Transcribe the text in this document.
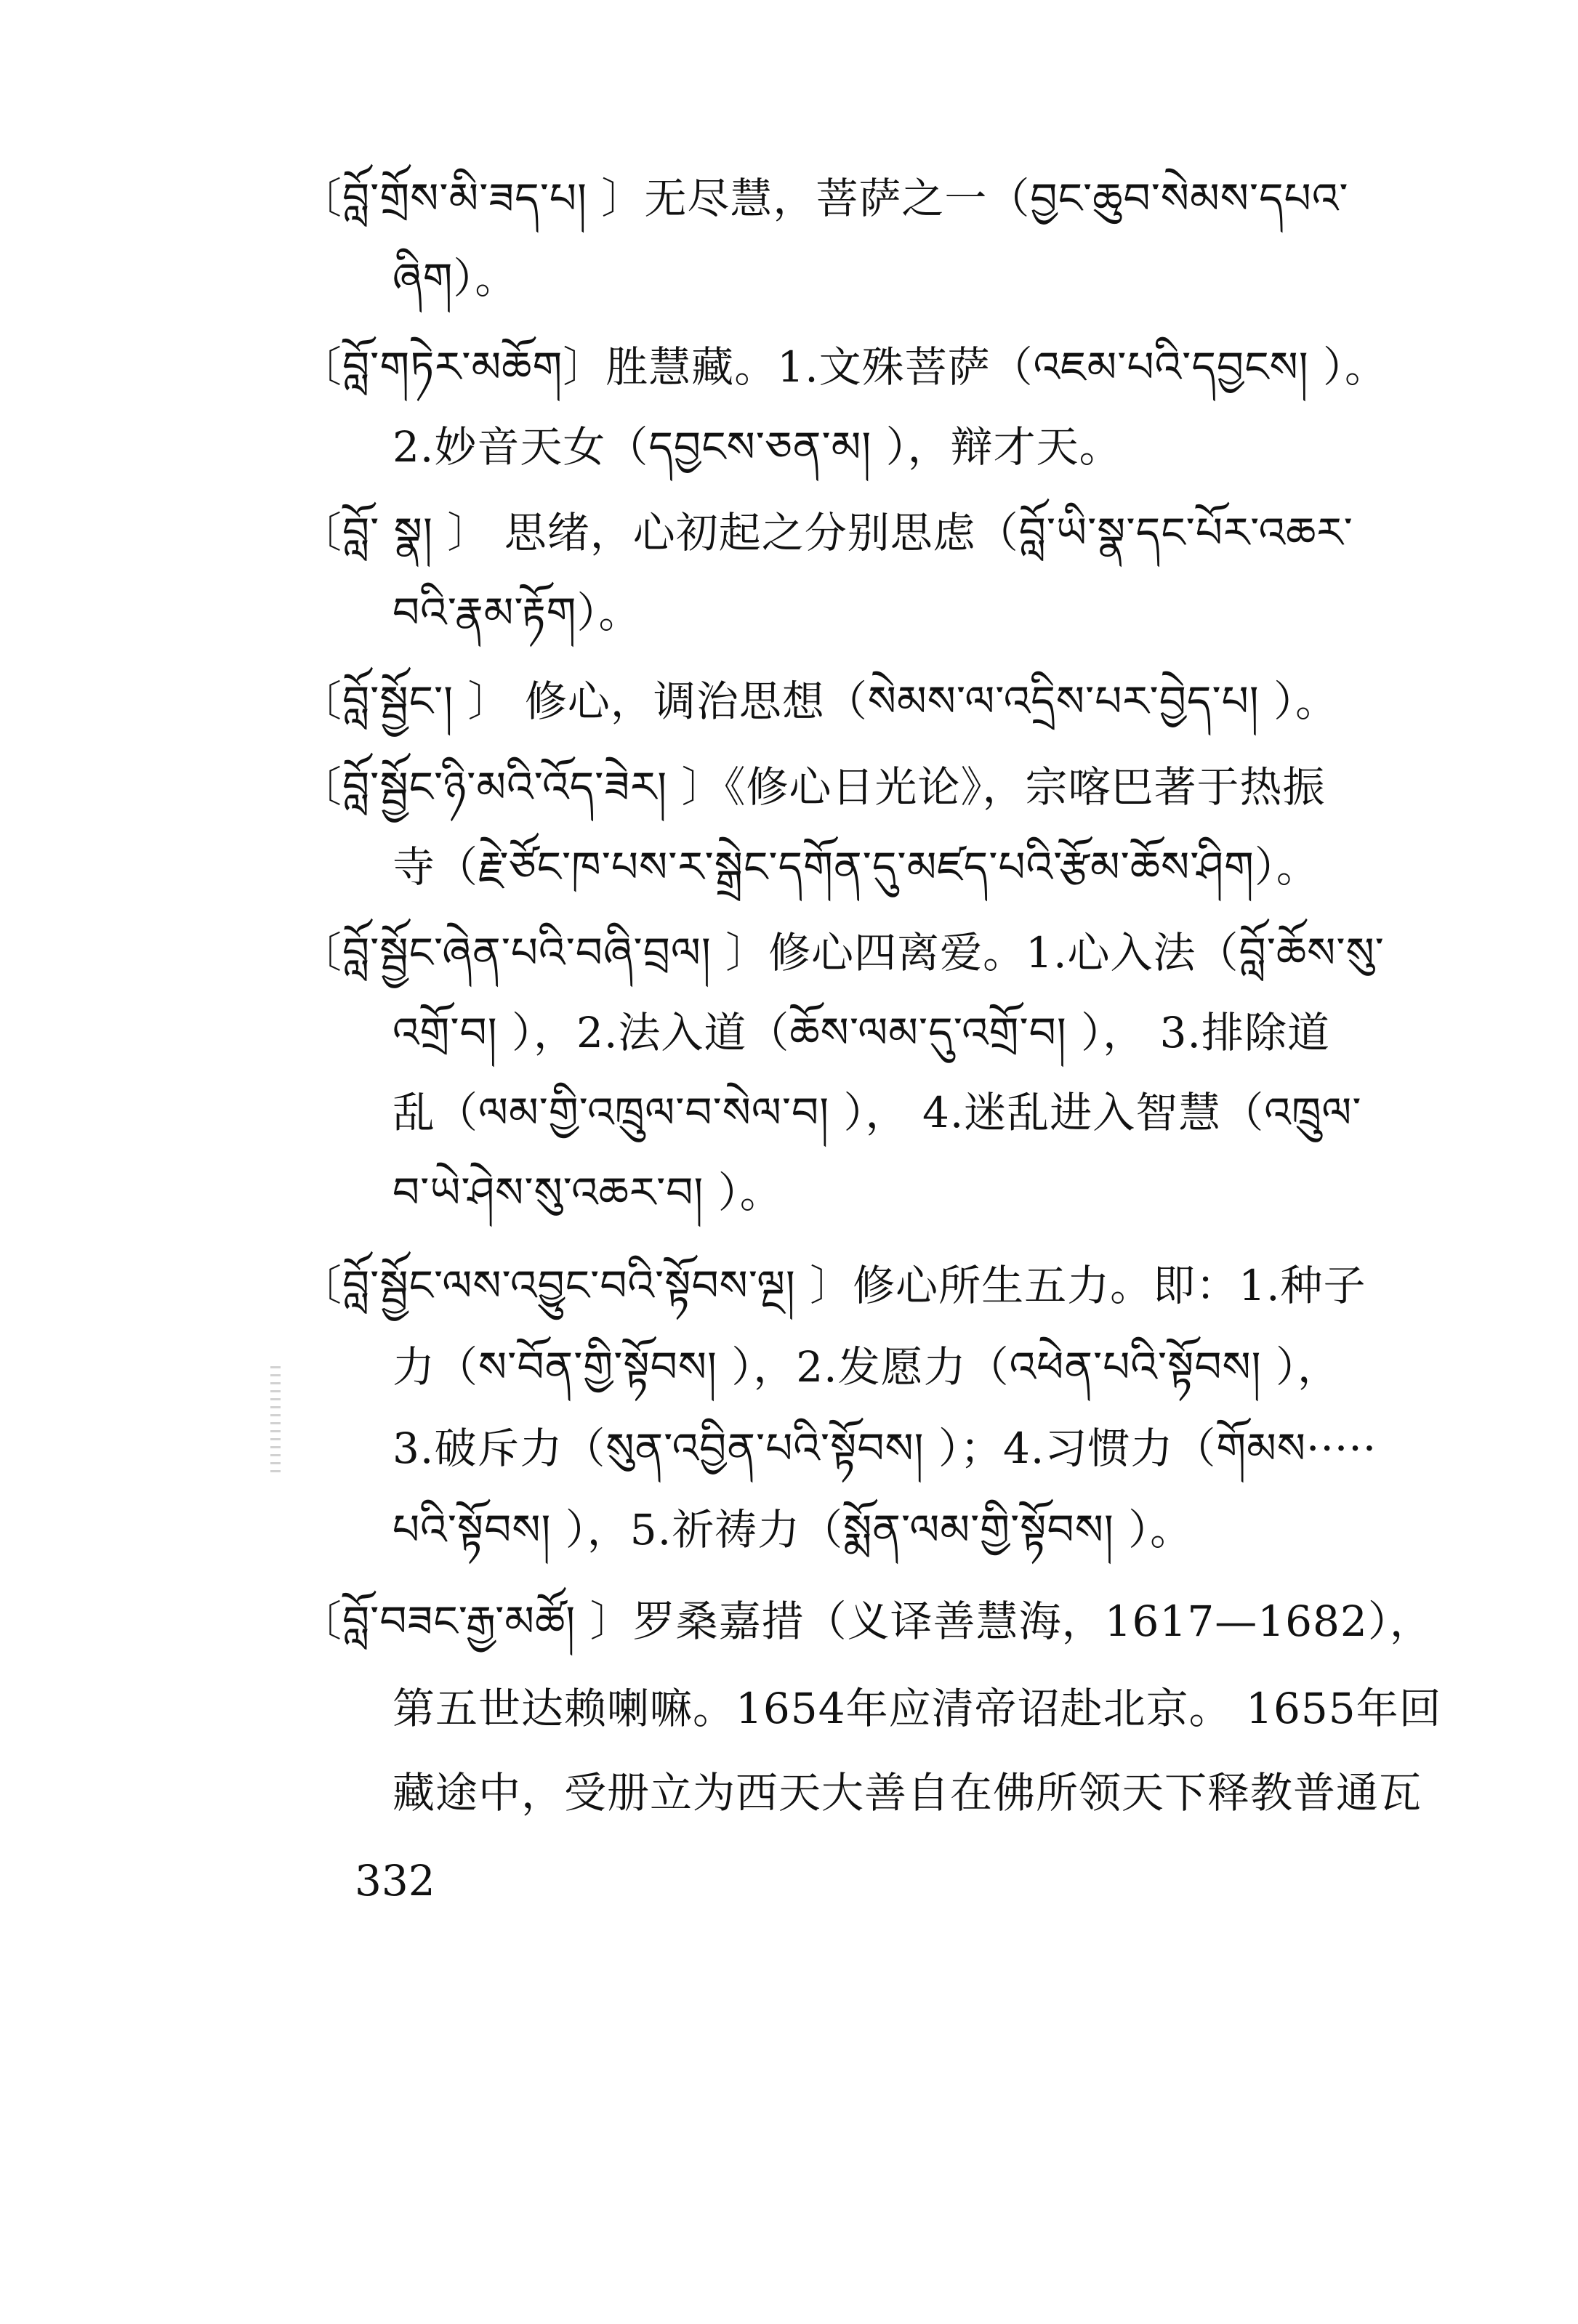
〔བློ་གྲོས་མི་ཟད་པ། 〕无尽慧，菩萨之一（བྱང་ཆུབ་སེམས་དཔའ་
ཞིག）。
〔བློ་གཏེར་མཆོག〕胜慧藏。1.文殊菩萨（འཇམ་པའི་དབྱངས། ）。
2.妙音天女（དབྱངས་ཅན་མ། ），辩才天。
〔བློ་ སྣ། 〕 思绪，心初起之分别思虑（བློ་ཡི་སྣ་དང་པོར་འཆར་
བའི་རྣམ་རྟོག）。
〔བློ་སྦྱོང་། 〕 修心，调治思想（སེམས་ལ་འདྲིས་པར་བྱེད་པ། ）。
〔བློ་སྦྱོང་ཉི་མའི་འོད་ཟེར། 〕《修心日光论》，宗喀巴著于热振
寺（རྗེ་ཙོང་ཁ་པས་ར་སྒྲེང་དགོན་དུ་མཛད་པའི་རྩོམ་ཆོས་ཤིག）。
〔བློ་སྦྱོང་ཞེན་པའི་བཞི་བྲལ། 〕修心四离爱。1.心入法（བློ་ཆོས་སུ་
འགྲོ་བ། ），2.法入道（ཆོས་ལམ་དུ་འགྲོ་བ། ）， 3.排除道
乱（ལམ་གྱི་འཁྲུལ་བ་སེལ་བ། ）， 4.迷乱进入智慧（འཁྲུལ་
བ་ཡེ་ཤེས་སུ་འཆར་བ། ）。
〔བློ་སྦྱོང་ལས་འབྱུང་བའི་སྟོབས་ལྔ། 〕修心所生五力。即：1.种子
力（ས་བོན་གྱི་སྟོབས། ），2.发愿力（འཕེན་པའི་སྟོབས། ），
3.破斥力（སུན་འབྱིན་པའི་སྟོབས། ）；4.习惯力（གོམས·····
པའི་སྟོབས། ），5.祈祷力（སྨོན་ལམ་གྱི་སྟོབས། ）。
〔བློ་བཟང་རྒྱ་མཚོ། 〕罗桑嘉措（义译善慧海，1617—1682），
第五世达赖喇嘛。1654年应清帝诏赴北京。 1655年回
藏途中，受册立为西天大善自在佛所领天下释教普通瓦
332
